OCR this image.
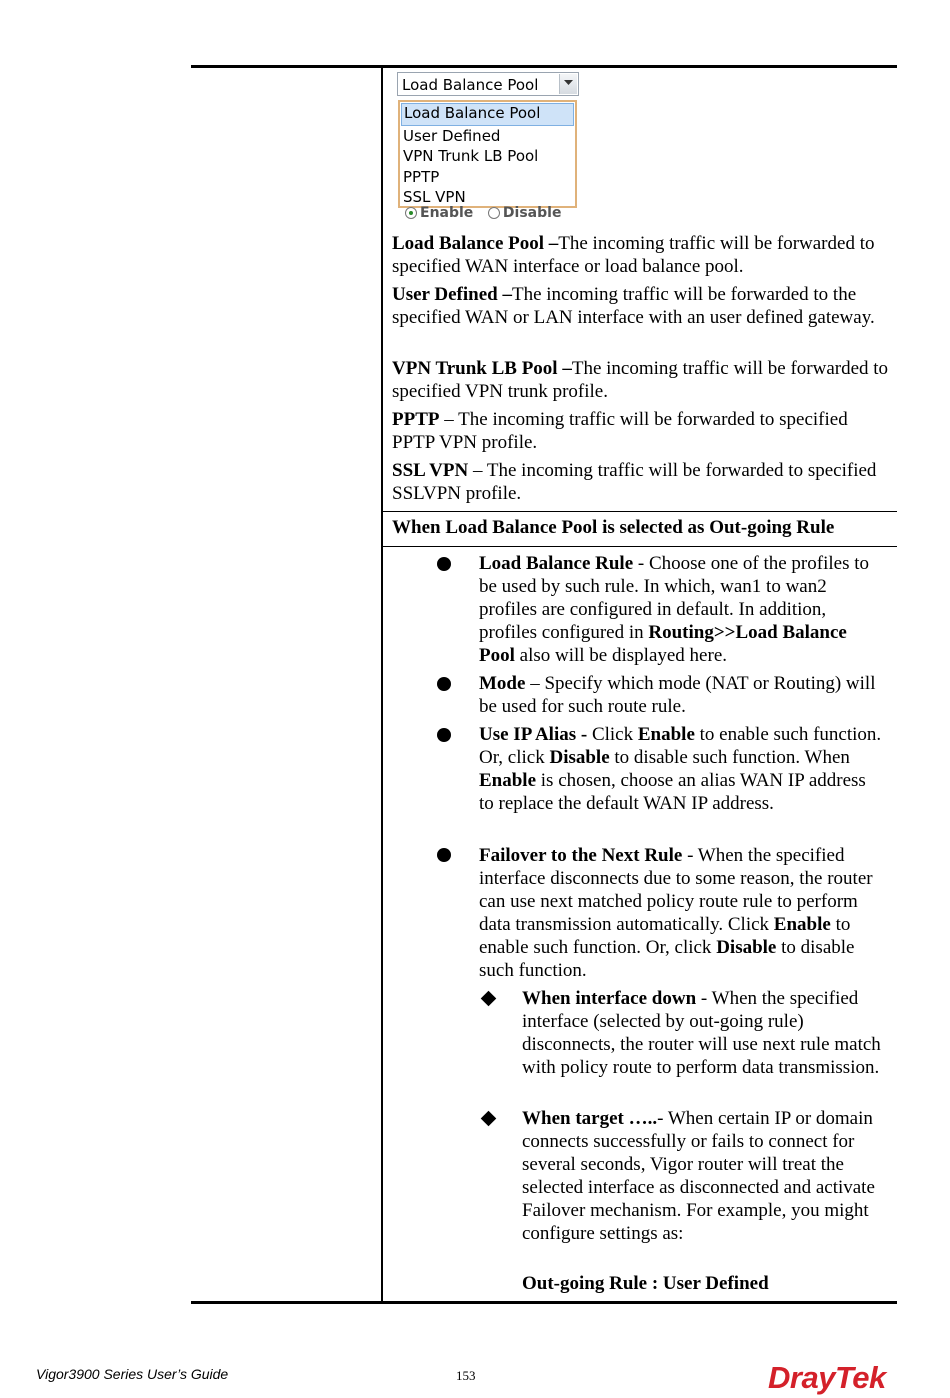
Load Balance Pool
Load Balance Pool
User Defined
VPN Trunk LB Pool
PPTP
SSL VPN
Enable Disable
Load Balance Pool –The incoming traffic will be forwarded to specified WAN interface or load balance pool.
User Defined –The incoming traffic will be forwarded to the specified WAN or LAN interface with an user defined gateway.
VPN Trunk LB Pool –The incoming traffic will be forwarded to specified VPN trunk profile.
PPTP – The incoming traffic will be forwarded to specified PPTP VPN profile.
SSL VPN – The incoming traffic will be forwarded to specified SSLVPN profile.
When Load Balance Pool is selected as Out-going Rule
Load Balance Rule - Choose one of the profiles to be used by such rule. In which, wan1 to wan2 profiles are configured in default. In addition, profiles configured in Routing>>Load Balance Pool also will be displayed here.
Mode – Specify which mode (NAT or Routing) will be used for such route rule.
Use IP Alias - Click Enable to enable such function. Or, click Disable to disable such function. When Enable is chosen, choose an alias WAN IP address to replace the default WAN IP address.
Failover to the Next Rule - When the specified interface disconnects due to some reason, the router can use next matched policy route rule to perform data transmission automatically. Click Enable to enable such function. Or, click Disable to disable such function.
When interface down - When the specified interface (selected by out-going rule) disconnects, the router will use next rule match with policy route to perform data transmission.
When target …..- When certain IP or domain connects successfully or fails to connect for several seconds, Vigor router will treat the selected interface as disconnected and activate Failover mechanism. For example, you might configure settings as:
Out-going Rule : User Defined
Vigor3900 Series User’s Guide	153	DrayTek
